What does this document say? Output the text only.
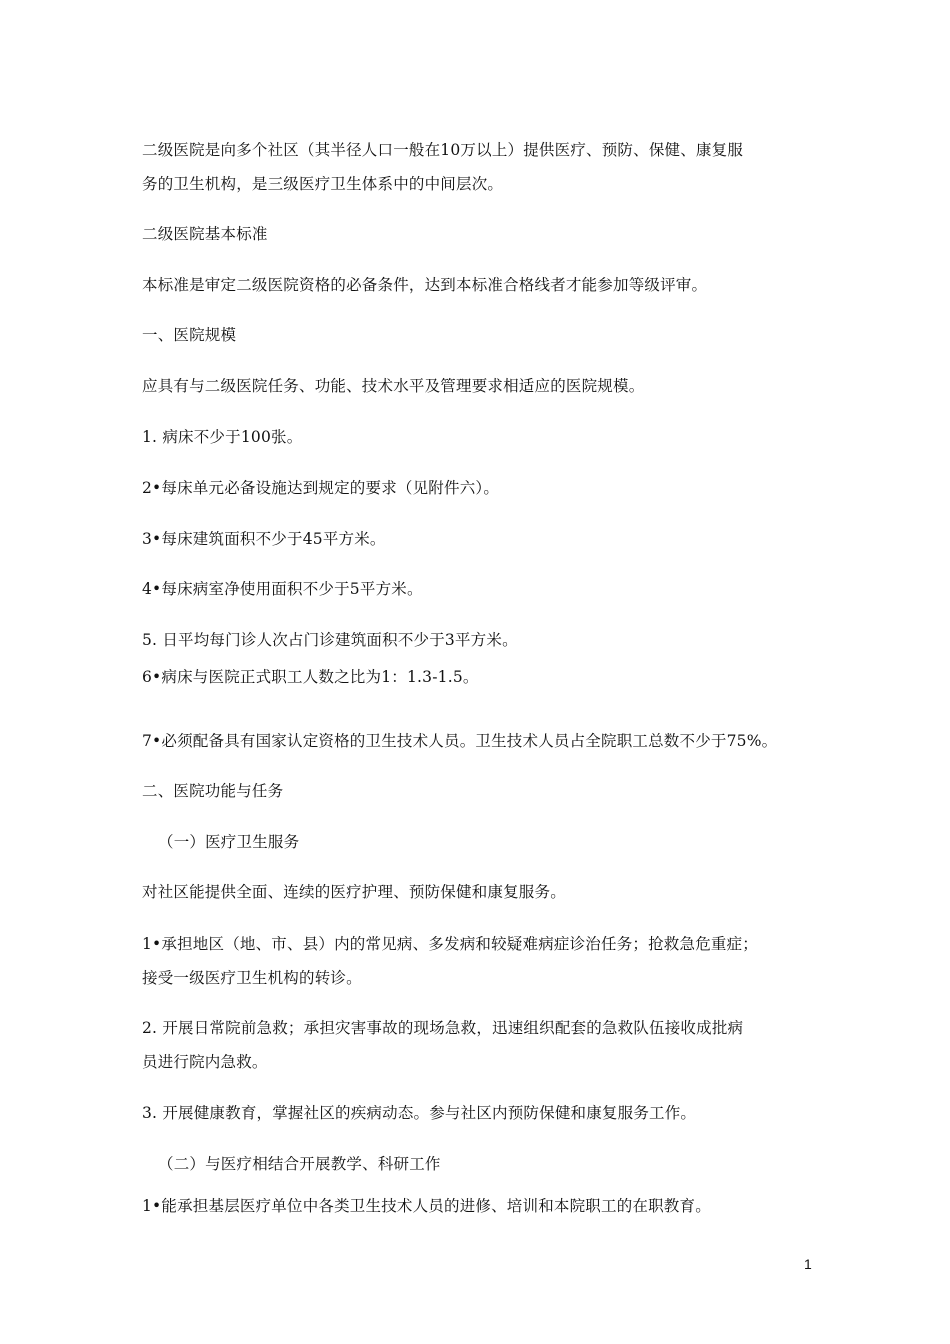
二级医院是向多个社区（其半径人口一般在10万以上）提供医疗、预防、保健、康复服
务的卫生机构，是三级医疗卫生体系中的中间层次。
二级医院基本标准
本标准是审定二级医院资格的必备条件，达到本标准合格线者才能参加等级评审。
一、医院规模
应具有与二级医院任务、功能、技术水平及管理要求相适应的医院规模。
1. 病床不少于100张。
2•每床单元必备设施达到规定的要求（见附件六）。
3•每床建筑面积不少于45平方米。
4•每床病室净使用面积不少于5平方米。
5. 日平均每门诊人次占门诊建筑面积不少于3平方米。
6•病床与医院正式职工人数之比为1：1.3-1.5。
7•必须配备具有国家认定资格的卫生技术人员。卫生技术人员占全院职工总数不少于75%。
二、医院功能与任务
（一）医疗卫生服务
对社区能提供全面、连续的医疗护理、预防保健和康复服务。
1•承担地区（地、市、县）内的常见病、多发病和较疑难病症诊治任务；抢救急危重症；
接受一级医疗卫生机构的转诊。
2. 开展日常院前急救；承担灾害事故的现场急救，迅速组织配套的急救队伍接收成批病
员进行院内急救。
3. 开展健康教育，掌握社区的疾病动态。参与社区内预防保健和康复服务工作。
（二）与医疗相结合开展教学、科研工作
1•能承担基层医疗单位中各类卫生技术人员的进修、培训和本院职工的在职教育。
1
